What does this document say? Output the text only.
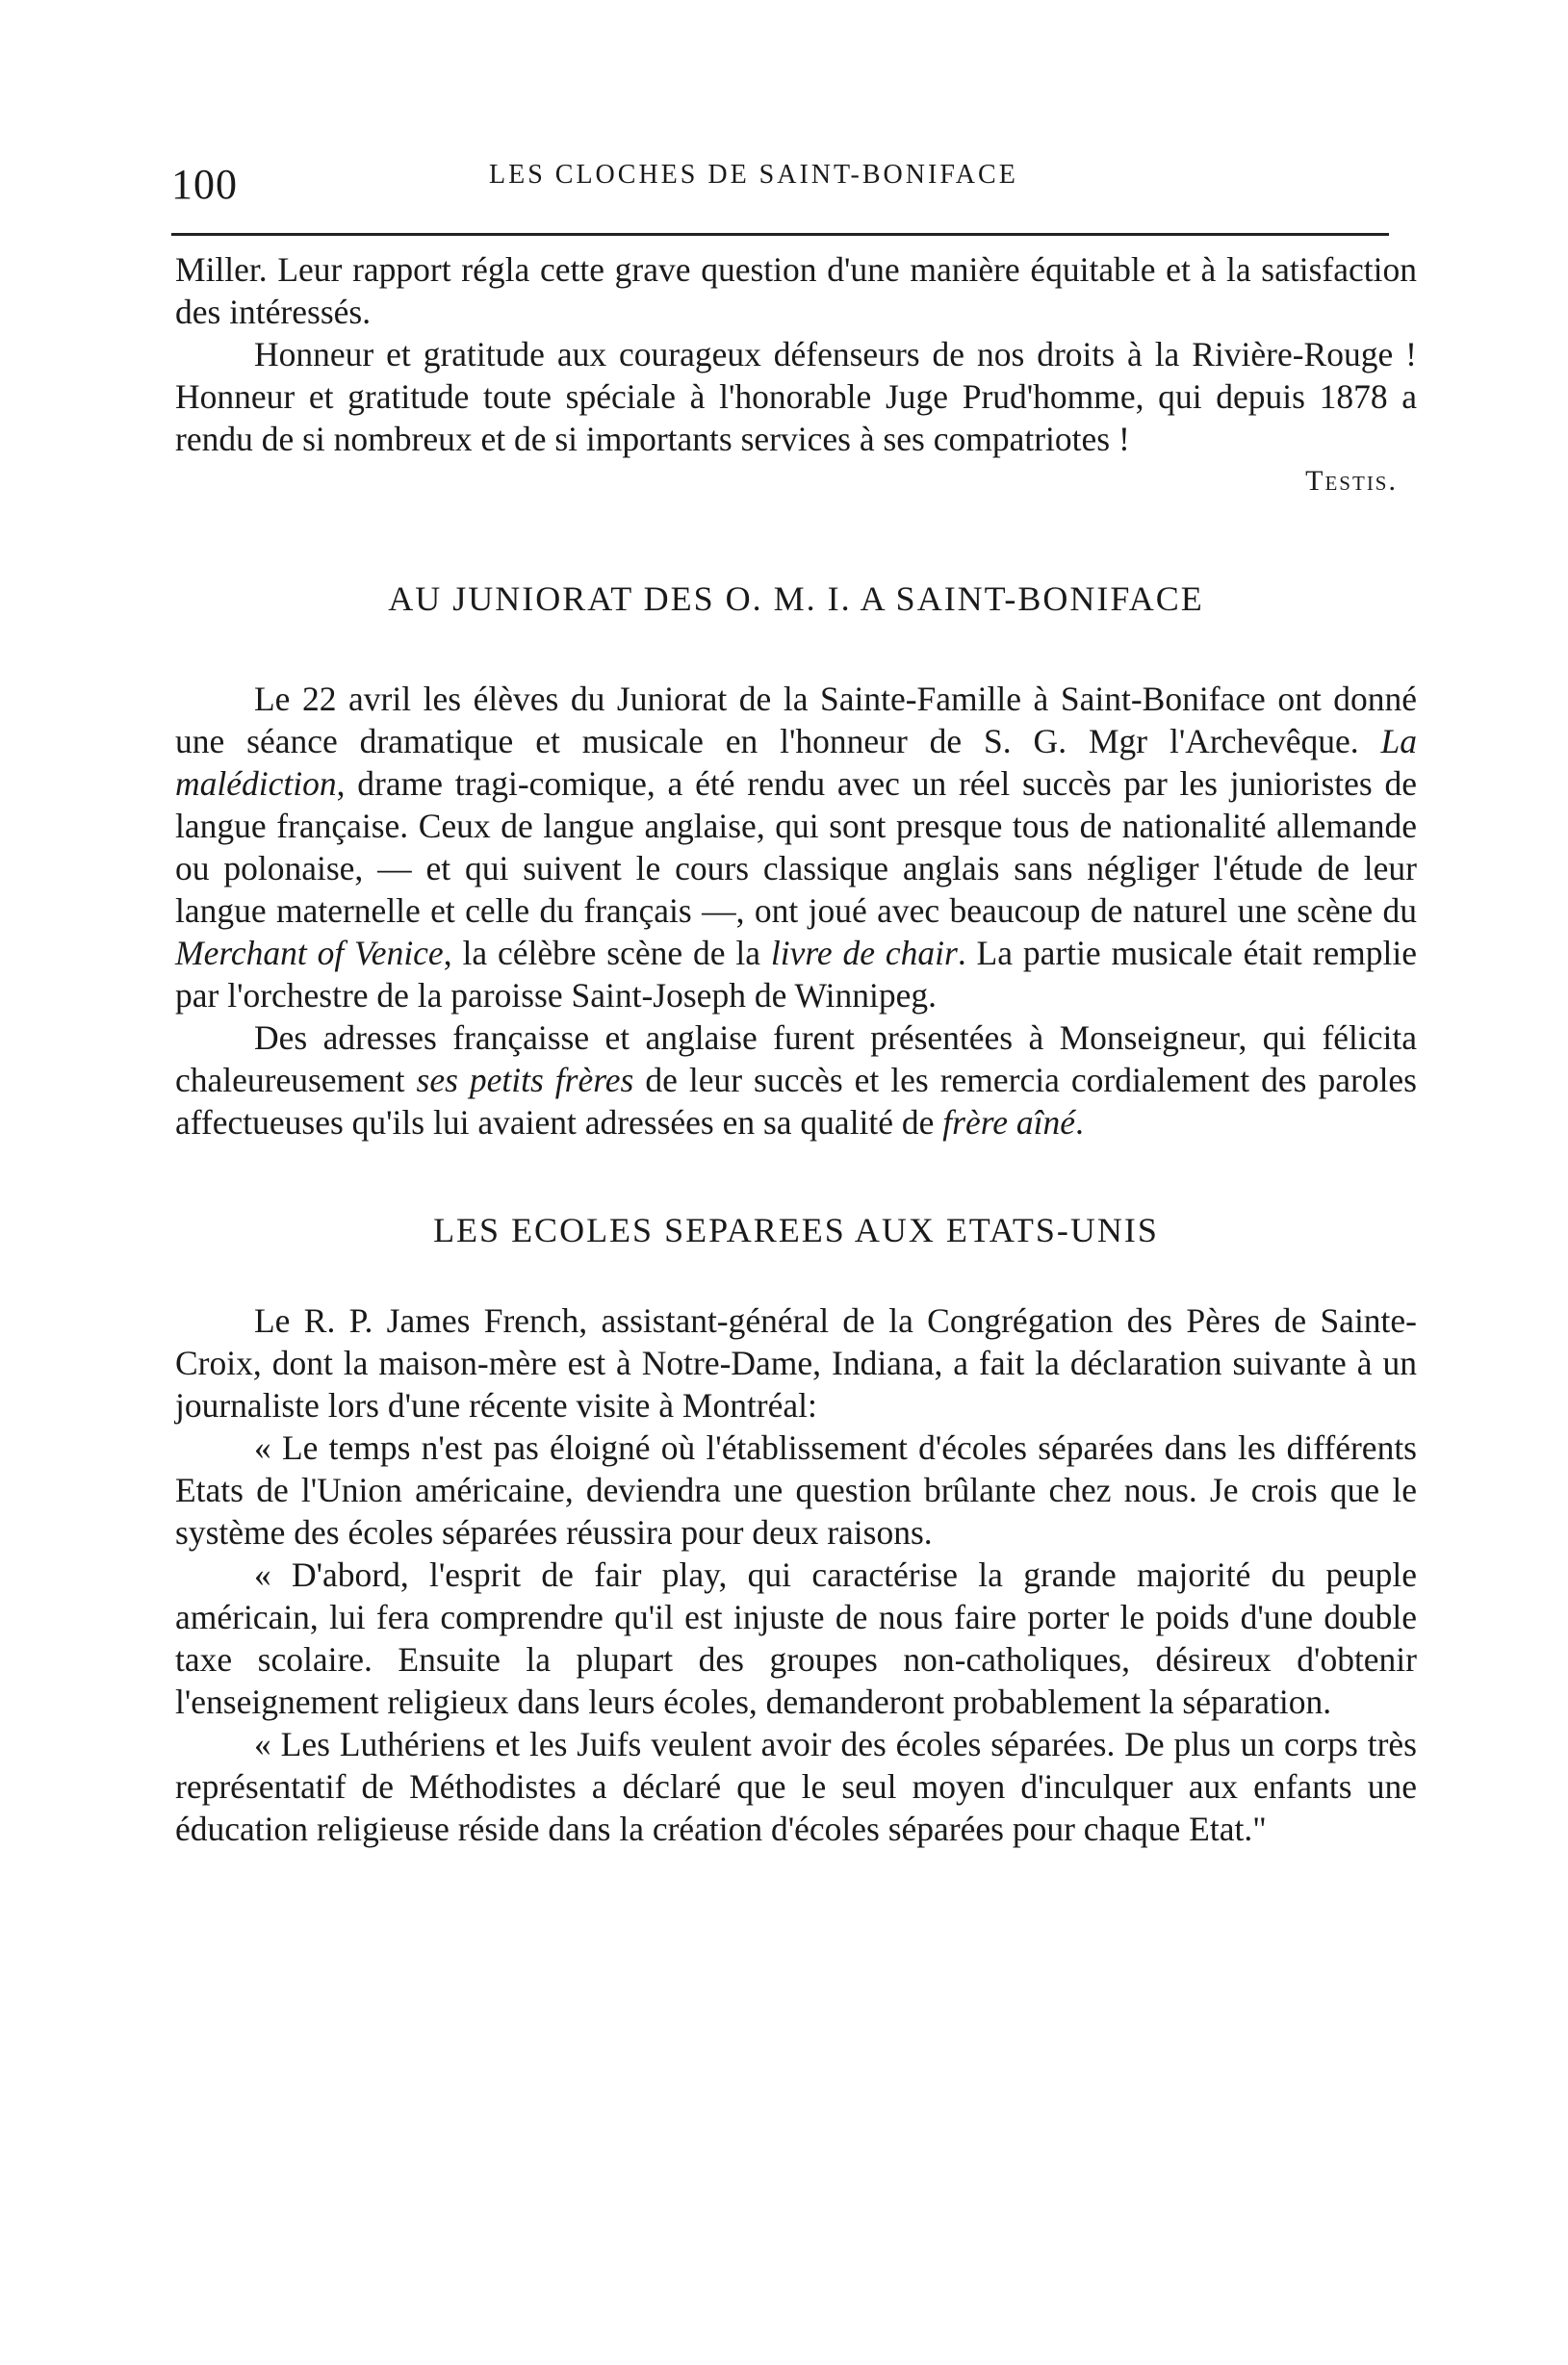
100	LES CLOCHES DE SAINT-BONIFACE

Miller. Leur rapport régla cette grave question d'une manière équitable et à la satisfaction des intéressés.

Honneur et gratitude aux courageux défenseurs de nos droits à la Rivière-Rouge ! Honneur et gratitude toute spéciale à l'honorable Juge Prud'homme, qui depuis 1878 a rendu de si nombreux et de si importants services à ses compatriotes !

Testis.

AU JUNIORAT DES O. M. I. A SAINT-BONIFACE

Le 22 avril les élèves du Juniorat de la Sainte-Famille à Saint-Boniface ont donné une séance dramatique et musicale en l'honneur de S. G. Mgr l'Archevêque. La malédiction, drame tragi-comique, a été rendu avec un réel succès par les junioristes de langue française. Ceux de langue anglaise, qui sont presque tous de nationalité allemande ou polonaise, — et qui suivent le cours classique anglais sans négliger l'étude de leur langue maternelle et celle du français —, ont joué avec beaucoup de naturel une scène du Merchant of Venice, la célèbre scène de la livre de chair. La partie musicale était remplie par l'orchestre de la paroisse Saint-Joseph de Winnipeg.

Des adresses françaisse et anglaise furent présentées à Monseigneur, qui félicita chaleureusement ses petits frères de leur succès et les remercia cordialement des paroles affectueuses qu'ils lui avaient adressées en sa qualité de frère aîné.

LES ECOLES SEPAREES AUX ETATS-UNIS

Le R. P. James French, assistant-général de la Congrégation des Pères de Sainte-Croix, dont la maison-mère est à Notre-Dame, Indiana, a fait la déclaration suivante à un journaliste lors d'une récente visite à Montréal:

« Le temps n'est pas éloigné où l'établissement d'écoles séparées dans les différents Etats de l'Union américaine, deviendra une question brûlante chez nous. Je crois que le système des écoles séparées réussira pour deux raisons.

« D'abord, l'esprit de fair play, qui caractérise la grande majorité du peuple américain, lui fera comprendre qu'il est injuste de nous faire porter le poids d'une double taxe scolaire. Ensuite la plupart des groupes non-catholiques, désireux d'obtenir l'enseignement religieux dans leurs écoles, demanderont probablement la séparation.

« Les Luthériens et les Juifs veulent avoir des écoles séparées. De plus un corps très représentatif de Méthodistes a déclaré que le seul moyen d'inculquer aux enfants une éducation religieuse réside dans la création d'écoles séparées pour chaque Etat."
